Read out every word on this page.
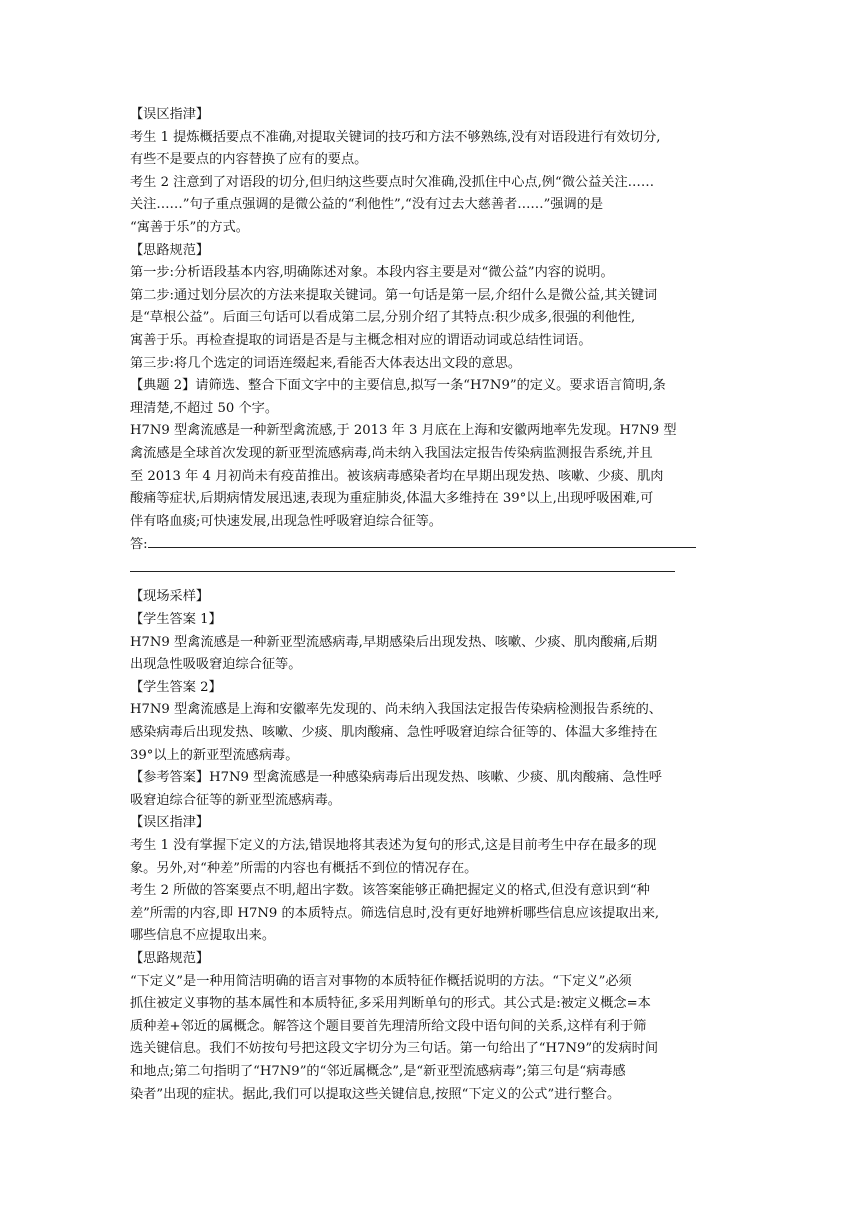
【误区指津】
考生 1 提炼概括要点不准确,对提取关键词的技巧和方法不够熟练,没有对语段进行有效切分,
有些不是要点的内容替换了应有的要点。
考生 2 注意到了对语段的切分,但归纳这些要点时欠准确,没抓住中心点,例“微公益关注……
关注……”句子重点强调的是微公益的“利他性”,“没有过去大慈善者……”强调的是
“寓善于乐”的方式。
【思路规范】
第一步:分析语段基本内容,明确陈述对象。本段内容主要是对“微公益”内容的说明。
第二步:通过划分层次的方法来提取关键词。第一句话是第一层,介绍什么是微公益,其关键词
是“草根公益”。后面三句话可以看成第二层,分别介绍了其特点:积少成多,很强的利他性,
寓善于乐。再检查提取的词语是否是与主概念相对应的谓语动词或总结性词语。
第三步:将几个选定的词语连缀起来,看能否大体表达出文段的意思。
【典题 2】请筛选、整合下面文字中的主要信息,拟写一条“H7N9”的定义。要求语言简明,条
理清楚,不超过 50 个字。
H7N9 型禽流感是一种新型禽流感,于 2013 年 3 月底在上海和安徽两地率先发现。H7N9 型
禽流感是全球首次发现的新亚型流感病毒,尚未纳入我国法定报告传染病监测报告系统,并且
至 2013 年 4 月初尚未有疫苗推出。被该病毒感染者均在早期出现发热、咳嗽、少痰、肌肉
酸痛等症状,后期病情发展迅速,表现为重症肺炎,体温大多维持在 39°以上,出现呼吸困难,可
伴有咯血痰;可快速发展,出现急性呼吸窘迫综合征等。
答:
【现场采样】
【学生答案 1】
H7N9 型禽流感是一种新亚型流感病毒,早期感染后出现发热、咳嗽、少痰、肌肉酸痛,后期
出现急性吸吸窘迫综合征等。
【学生答案 2】
H7N9 型禽流感是上海和安徽率先发现的、尚未纳入我国法定报告传染病检测报告系统的、
感染病毒后出现发热、咳嗽、少痰、肌肉酸痛、急性呼吸窘迫综合征等的、体温大多维持在
39°以上的新亚型流感病毒。
【参考答案】H7N9 型禽流感是一种感染病毒后出现发热、咳嗽、少痰、肌肉酸痛、急性呼
吸窘迫综合征等的新亚型流感病毒。
【误区指津】
考生 1 没有掌握下定义的方法,错误地将其表述为复句的形式,这是目前考生中存在最多的现
象。另外,对“种差”所需的内容也有概括不到位的情况存在。
考生 2 所做的答案要点不明,超出字数。该答案能够正确把握定义的格式,但没有意识到“种
差”所需的内容,即 H7N9 的本质特点。筛选信息时,没有更好地辨析哪些信息应该提取出来,
哪些信息不应提取出来。
【思路规范】
“下定义”是一种用简洁明确的语言对事物的本质特征作概括说明的方法。“下定义”必须
抓住被定义事物的基本属性和本质特征,多采用判断单句的形式。其公式是:被定义概念=本
质种差+邻近的属概念。解答这个题目要首先理清所给文段中语句间的关系,这样有利于筛
选关键信息。我们不妨按句号把这段文字切分为三句话。第一句给出了“H7N9”的发病时间
和地点;第二句指明了“H7N9”的“邻近属概念”,是“新亚型流感病毒”;第三句是“病毒感
染者”出现的症状。据此,我们可以提取这些关键信息,按照“下定义的公式”进行整合。
